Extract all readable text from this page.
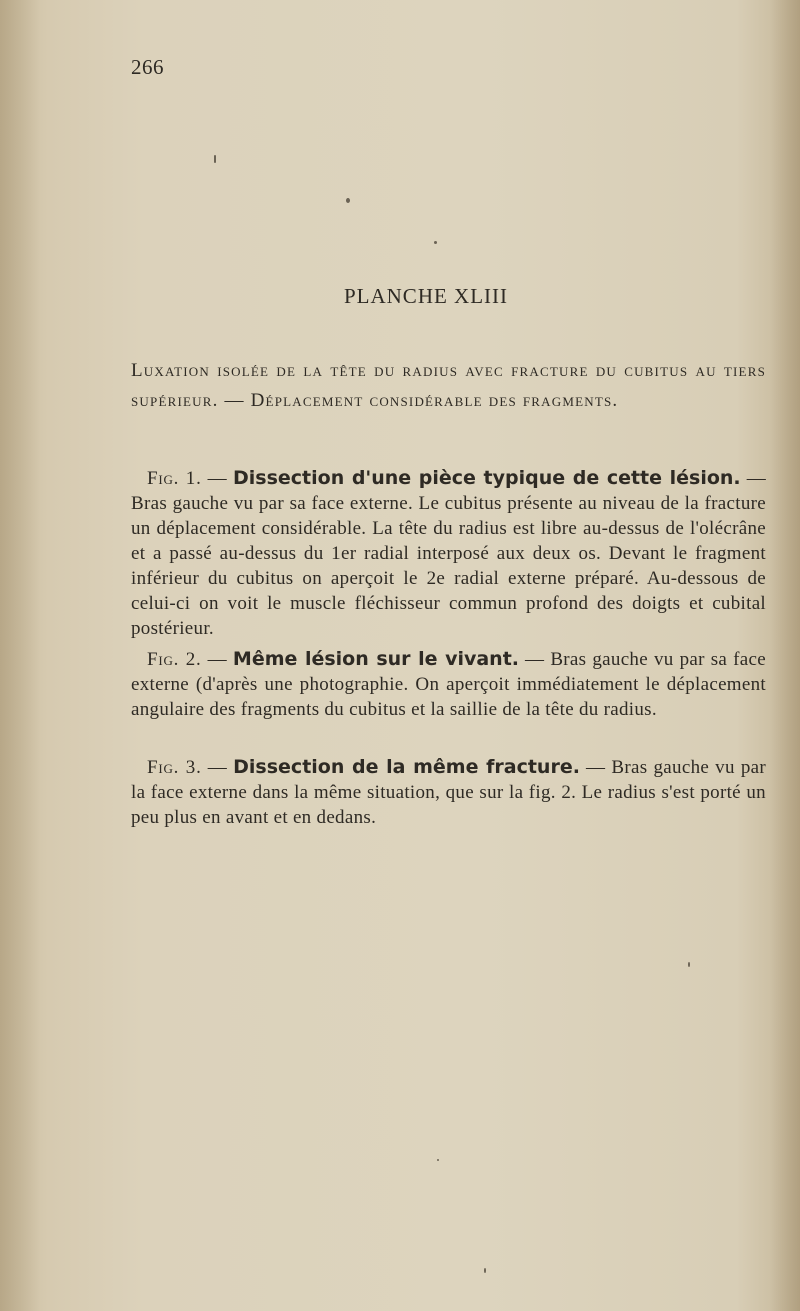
266
PLANCHE XLIII
Luxation isolée de la tête du radius avec fracture du cubitus au tiers supérieur. — Déplacement considérable des fragments.
Fig. 1. — Dissection d'une pièce typique de cette lésion. — Bras gauche vu par sa face externe. Le cubitus présente au niveau de la fracture un déplacement considérable. La tête du radius est libre au-dessus de l'olécrâne et a passé au-dessus du 1er radial interposé aux deux os. Devant le fragment inférieur du cubitus on aperçoit le 2e radial externe préparé. Au-dessous de celui-ci on voit le muscle fléchisseur commun profond des doigts et cubital postérieur.
Fig. 2. — Même lésion sur le vivant. — Bras gauche vu par sa face externe (d'après une photographie. On aperçoit immédiatement le déplacement angulaire des fragments du cubitus et la saillie de la tête du radius.
Fig. 3. — Dissection de la même fracture. — Bras gauche vu par la face externe dans la même situation, que sur la fig. 2. Le radius s'est porté un peu plus en avant et en dedans.
